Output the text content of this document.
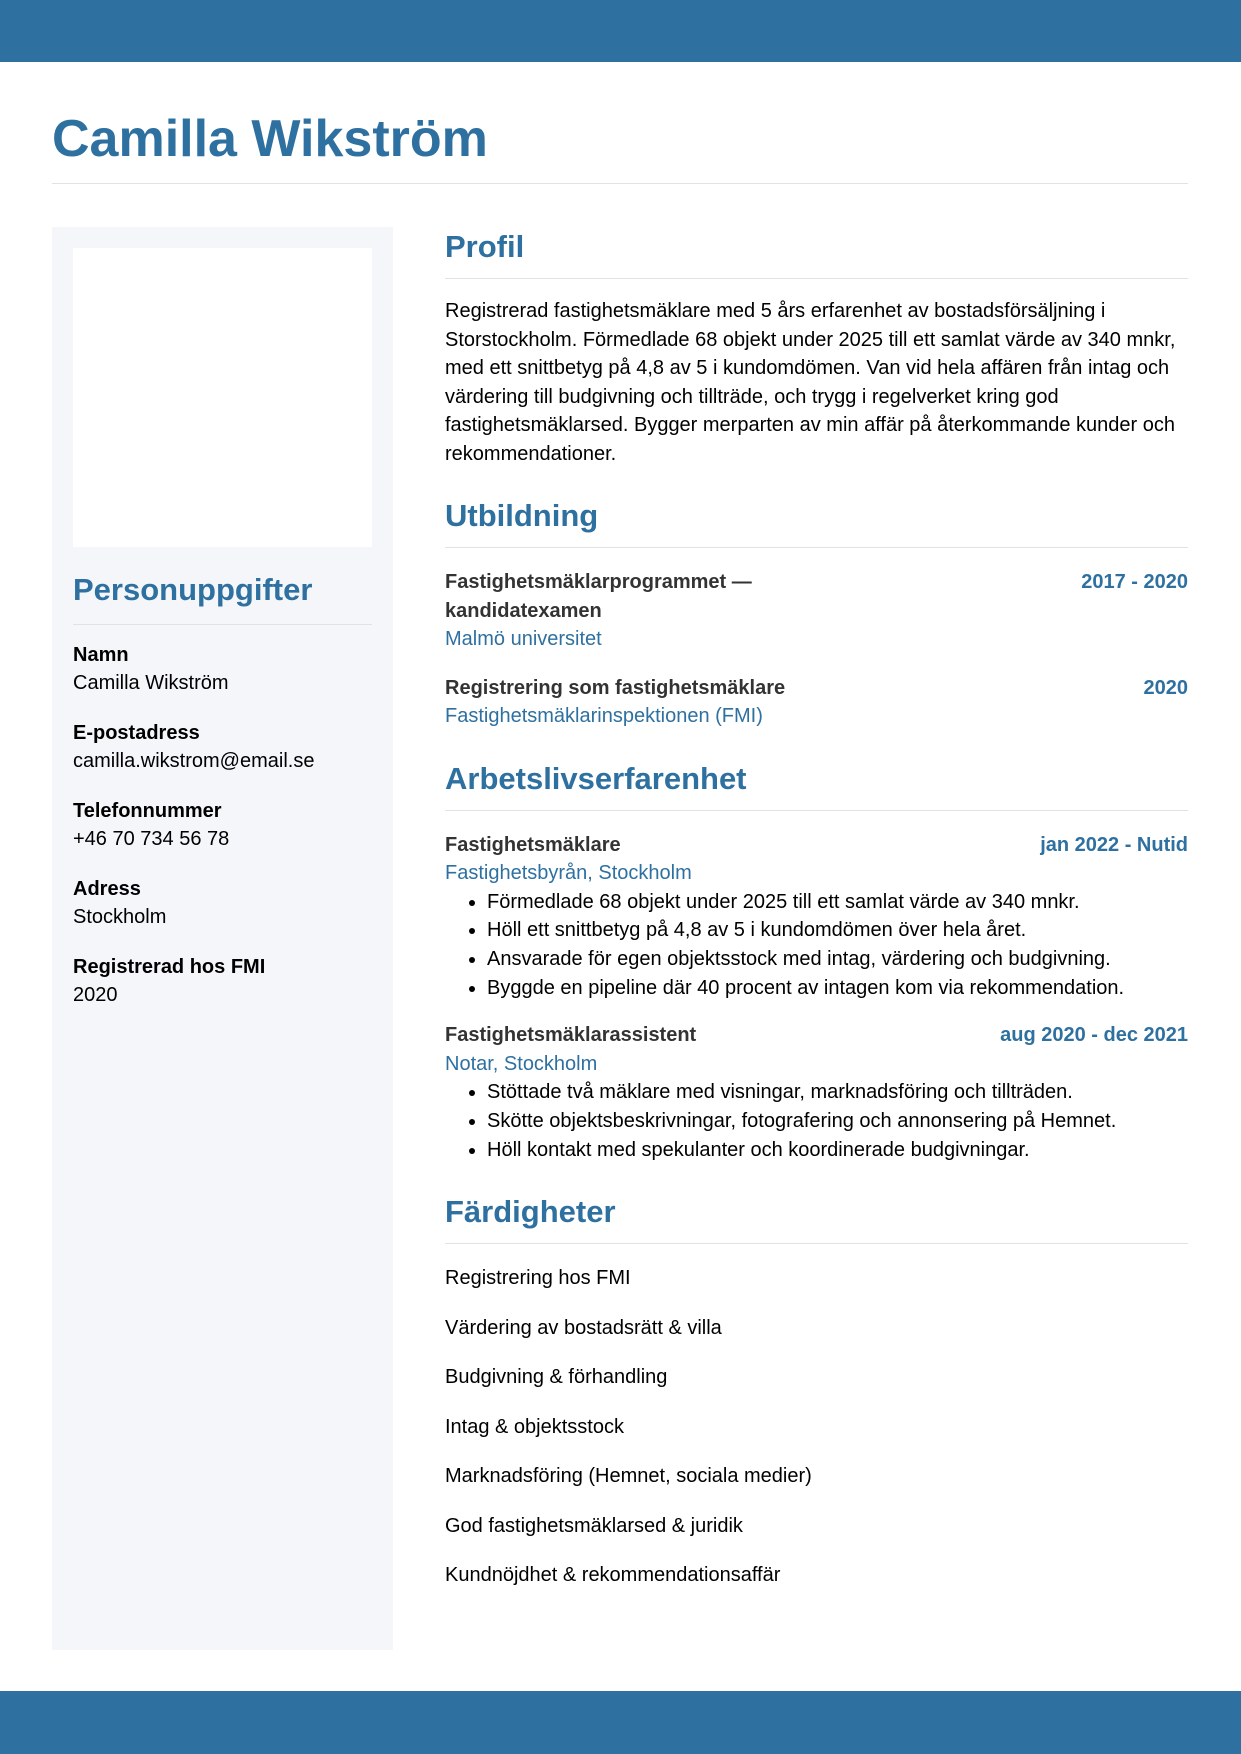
Camilla Wikström
Personuppgifter
Namn
Camilla Wikström
E-postadress
camilla.wikstrom@email.se
Telefonnummer
+46 70 734 56 78
Adress
Stockholm
Registrerad hos FMI
2020
Profil

Registrerad fastighetsmäklare med 5 års erfarenhet av bostadsförsäljning i Storstockholm. Förmedlade 68 objekt under 2025 till ett samlat värde av 340 mnkr, med ett snittbetyg på 4,8 av 5 i kundomdömen. Van vid hela affären från intag och värdering till budgivning och tillträde, och trygg i regelverket kring god fastighetsmäklarsed. Bygger merparten av min affär på återkommande kunder och rekommendationer.

Utbildning
Fastighetsmäklarprogrammet — kandidatexamen
2017 - 2020
Malmö universitet
Registrering som fastighetsmäklare	2020
Fastighetsmäklarinspektionen (FMI)
Arbetslivserfarenhet
Fastighetsmäklare	jan 2022 - Nutid
Fastighetsbyrån, Stockholm
• Förmedlade 68 objekt under 2025 till ett samlat värde av 340 mnkr.
• Höll ett snittbetyg på 4,8 av 5 i kundomdömen över hela året.
• Ansvarade för egen objektsstock med intag, värdering och budgivning.
• Byggde en pipeline där 40 procent av intagen kom via rekommendation.
Fastighetsmäklarassistent	aug 2020 - dec 2021
Notar, Stockholm
• Stöttade två mäklare med visningar, marknadsföring och tillträden.
• Skötte objektsbeskrivningar, fotografering och annonsering på Hemnet.
• Höll kontakt med spekulanter och koordinerade budgivningar.
Färdigheter

Registrering hos FMI

Värdering av bostadsrätt & villa

Budgivning & förhandling

Intag & objektsstock

Marknadsföring (Hemnet, sociala medier)

God fastighetsmäklarsed & juridik

Kundnöjdhet & rekommendationsaffär
